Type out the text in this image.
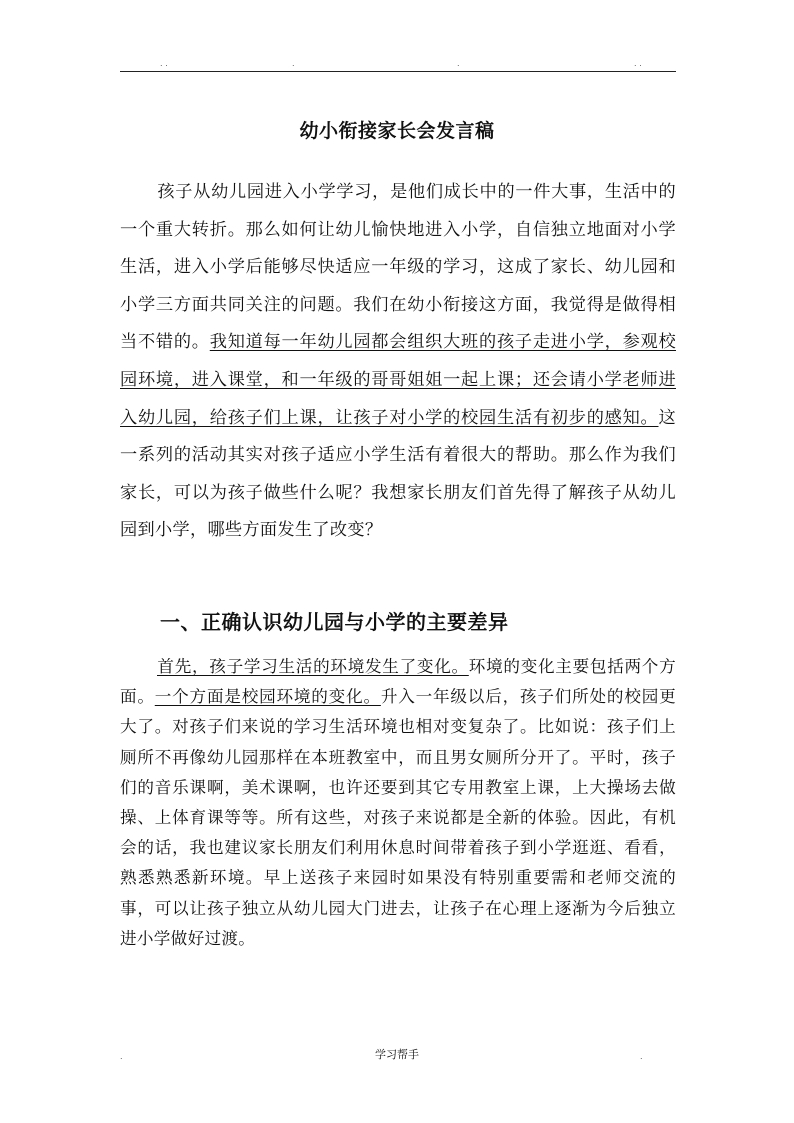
. .	.	.	. .
幼小衔接家长会发言稿
孩子从幼儿园进入小学学习，是他们成长中的一件大事，生活中的一个重大转折。那么如何让幼儿愉快地进入小学，自信独立地面对小学生活，进入小学后能够尽快适应一年级的学习，这成了家长、幼儿园和小学三方面共同关注的问题。我们在幼小衔接这方面，我觉得是做得相当不错的。我知道每一年幼儿园都会组织大班的孩子走进小学，参观校园环境，进入课堂，和一年级的哥哥姐姐一起上课；还会请小学老师进入幼儿园，给孩子们上课，让孩子对小学的校园生活有初步的感知。这一系列的活动其实对孩子适应小学生活有着很大的帮助。那么作为我们家长，可以为孩子做些什么呢？我想家长朋友们首先得了解孩子从幼儿园到小学，哪些方面发生了改变？
一、正确认识幼儿园与小学的主要差异
首先，孩子学习生活的环境发生了变化。环境的变化主要包括两个方面。一个方面是校园环境的变化。升入一年级以后，孩子们所处的校园更大了。对孩子们来说的学习生活环境也相对变复杂了。比如说：孩子们上厕所不再像幼儿园那样在本班教室中，而且男女厕所分开了。平时，孩子们的音乐课啊，美术课啊，也许还要到其它专用教室上课，上大操场去做操、上体育课等等。所有这些，对孩子来说都是全新的体验。因此，有机会的话，我也建议家长朋友们利用休息时间带着孩子到小学逛逛、看看，熟悉熟悉新环境。早上送孩子来园时如果没有特别重要需和老师交流的事，可以让孩子独立从幼儿园大门进去，让孩子在心理上逐渐为今后独立进小学做好过渡。
.	学习帮手	.
